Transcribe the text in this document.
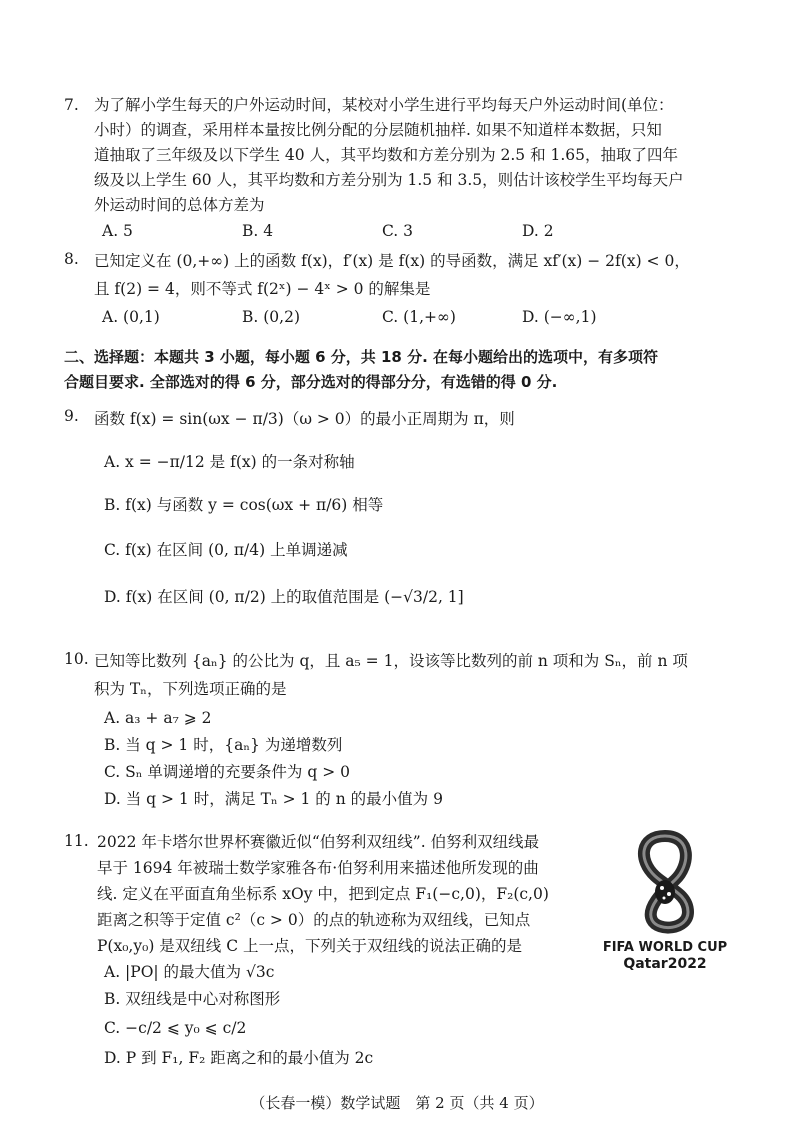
7. 为了解小学生每天的户外运动时间，某校对小学生进行平均每天户外运动时间(单位：
小时）的调查，采用样本量按比例分配的分层随机抽样. 如果不知道样本数据，只知
道抽取了三年级及以下学生 40 人，其平均数和方差分别为 2.5 和 1.65，抽取了四年
级及以上学生 60 人，其平均数和方差分别为 1.5 和 3.5，则估计该校学生平均每天户
外运动时间的总体方差为
A. 5	B. 4	C. 3	D. 2
8. 已知定义在 (0,+∞) 上的函数 f(x)，f′(x) 是 f(x) 的导函数，满足 xf′(x) − 2f(x) < 0，
且 f(2) = 4，则不等式 f(2ˣ) − 4ˣ > 0 的解集是
A. (0,1)	B. (0,2)	C. (1,+∞)	D. (−∞,1)
二、选择题：本题共 3 小题，每小题 6 分，共 18 分. 在每小题给出的选项中，有多项符
合题目要求. 全部选对的得 6 分，部分选对的得部分分，有选错的得 0 分.
9. 函数 f(x) = sin(ωx − π/3)（ω > 0）的最小正周期为 π，则
A. x = −π/12 是 f(x) 的一条对称轴
B. f(x) 与函数 y = cos(ωx + π/6) 相等
C. f(x) 在区间 (0, π/4) 上单调递减
D. f(x) 在区间 (0, π/2) 上的取值范围是 (−√3/2, 1]
10. 已知等比数列 {aₙ} 的公比为 q，且 a₅ = 1，设该等比数列的前 n 项和为 Sₙ，前 n 项
积为 Tₙ，下列选项正确的是
A. a₃ + a₇ ⩾ 2
B. 当 q > 1 时，{aₙ} 为递增数列
C. Sₙ 单调递增的充要条件为 q > 0
D. 当 q > 1 时，满足 Tₙ > 1 的 n 的最小值为 9
11. 2022 年卡塔尔世界杯赛徽近似“伯努利双纽线”. 伯努利双纽线最
早于 1694 年被瑞士数学家雅各布·伯努利用来描述他所发现的曲
线. 定义在平面直角坐标系 xOy 中，把到定点 F₁(−c,0)，F₂(c,0)
距离之积等于定值 c²（c > 0）的点的轨迹称为双纽线，已知点
P(x₀,y₀) 是双纽线 C 上一点，下列关于双纽线的说法正确的是
A. |PO| 的最大值为 √3c
B. 双纽线是中心对称图形
C. −c/2 ⩽ y₀ ⩽ c/2
D. P 到 F₁, F₂ 距离之和的最小值为 2c
FIFA WORLD CUP
Qatar2022
（长春一模）数学试题　第 2 页（共 4 页）
